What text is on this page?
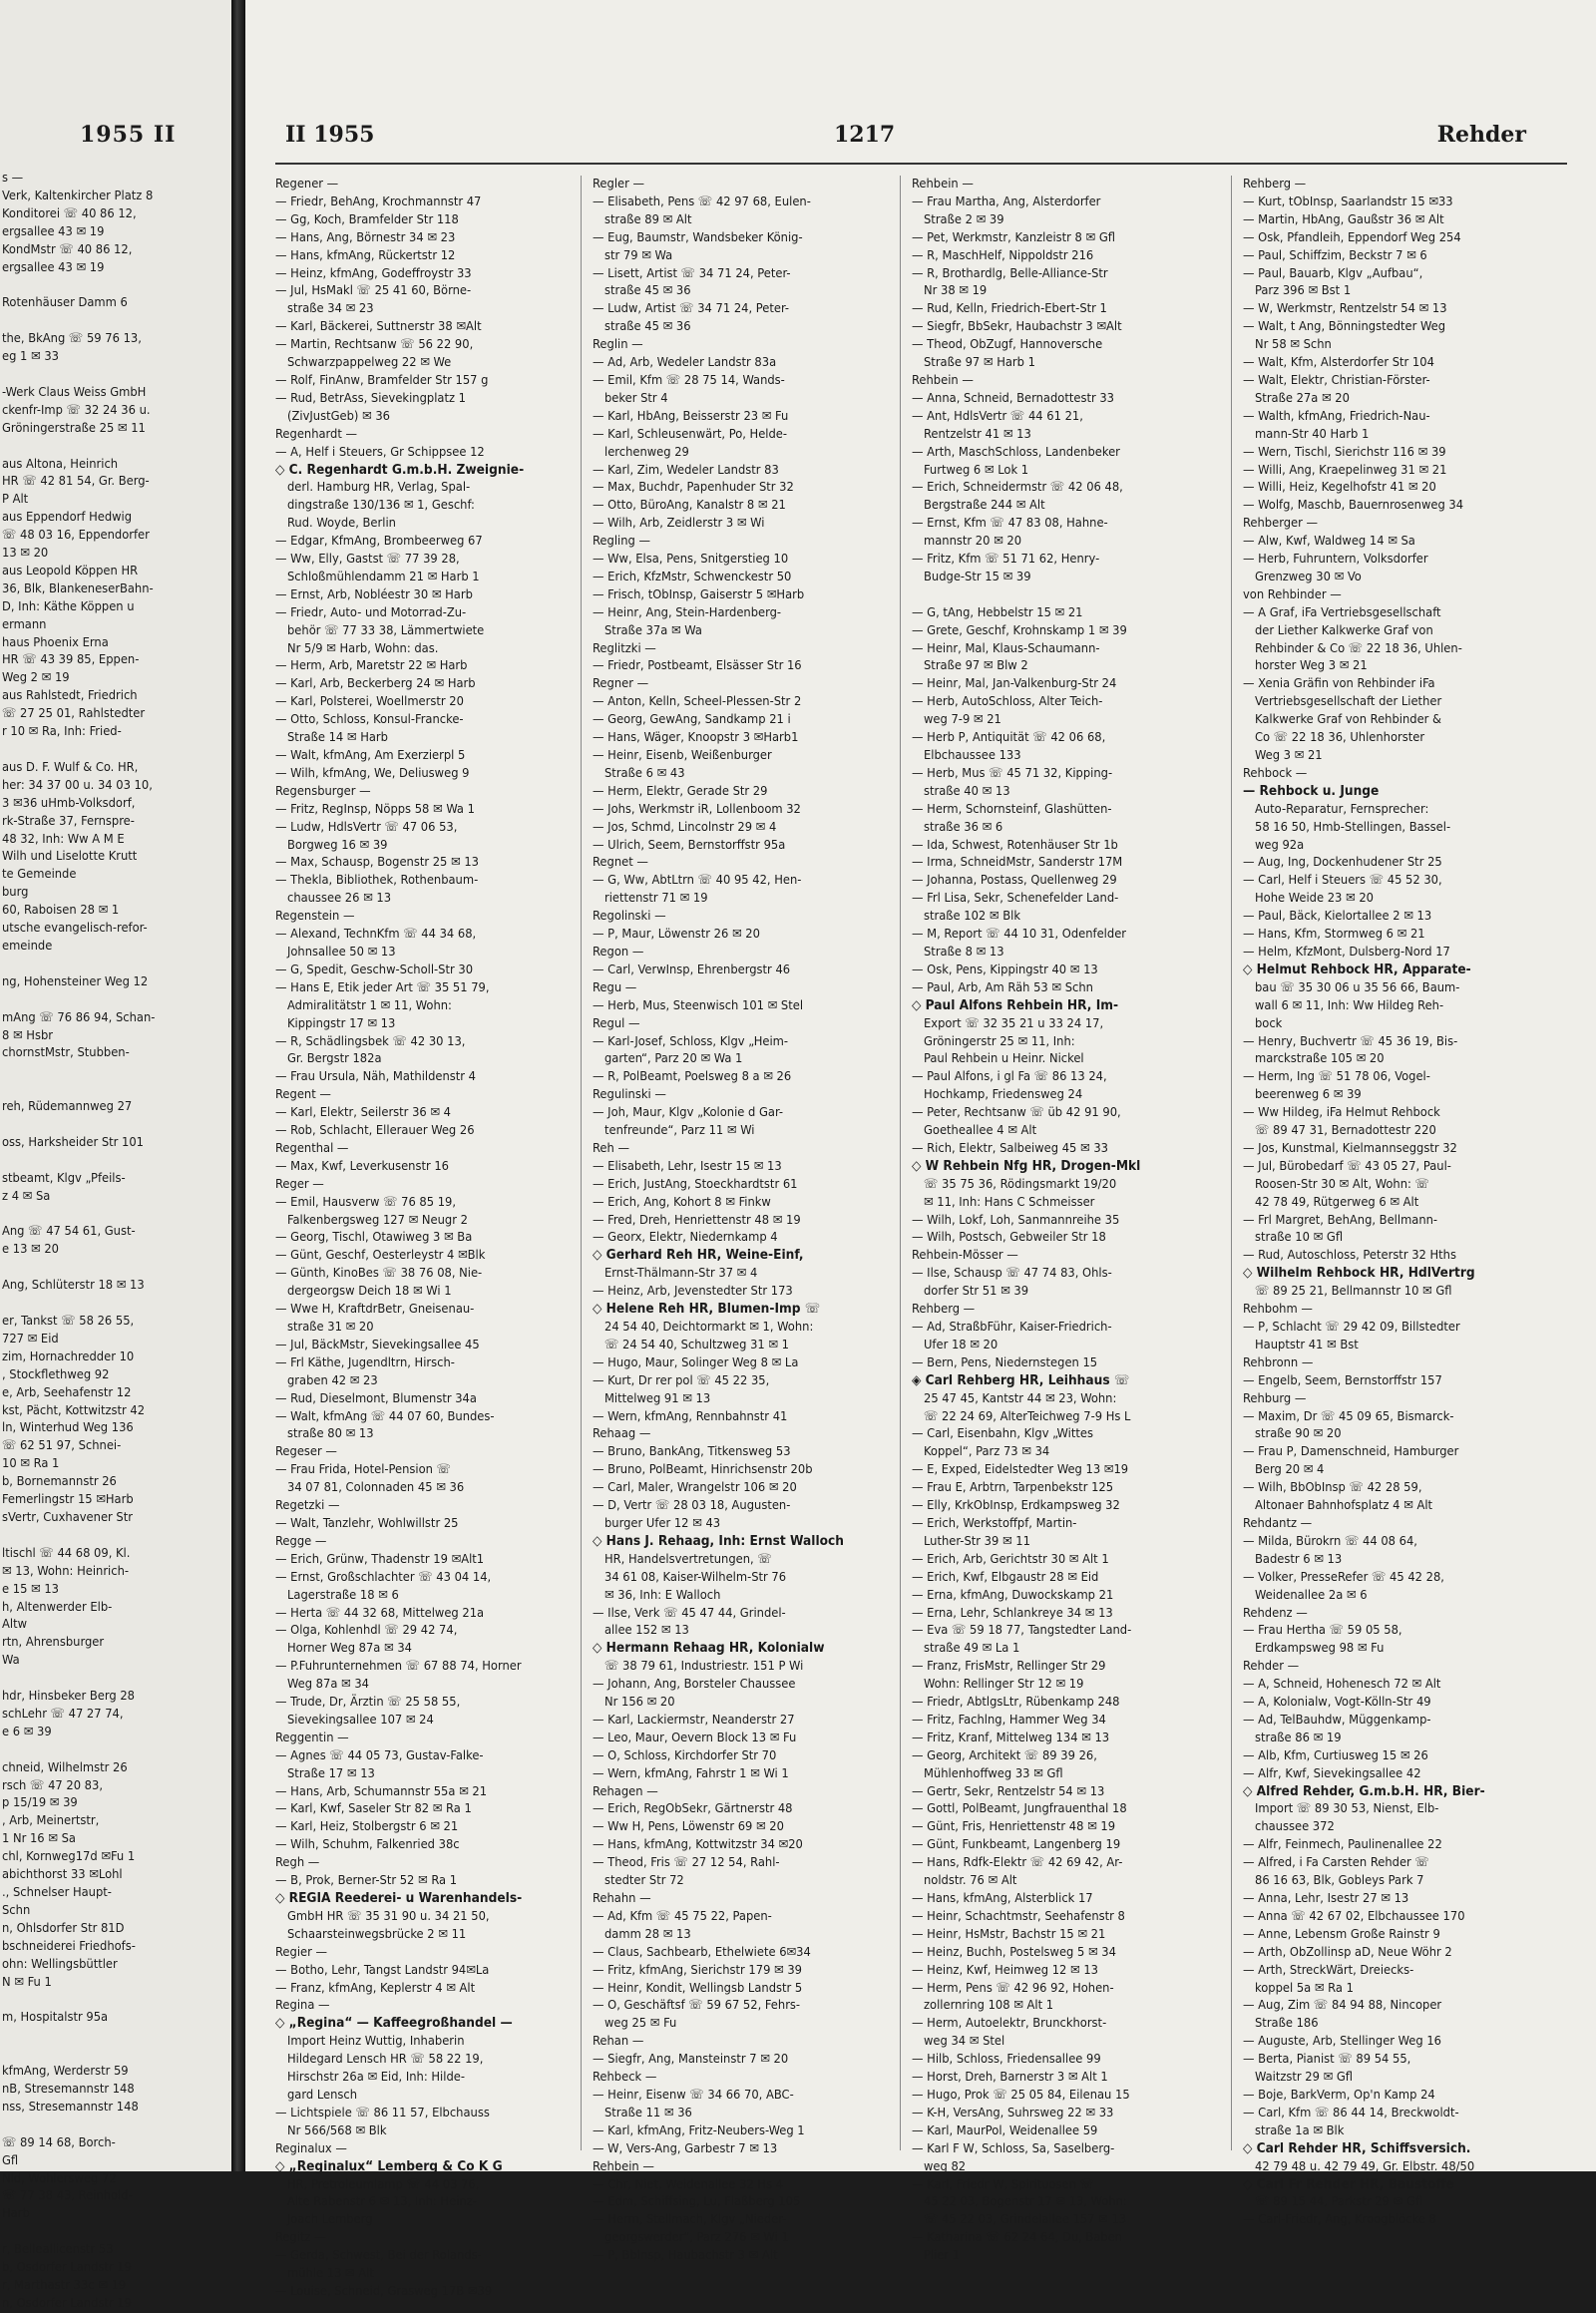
1955 II
s —
Verk, Kaltenkircher Platz 8
Konditorei ☏ 40 86 12,
ergsallee 43 ✉ 19
KondMstr ☏ 40 86 12,
ergsallee 43 ✉ 19

Rotenhäuser Damm 6

the, BkAng ☏ 59 76 13,
eg 1 ✉ 33

-Werk Claus Weiss GmbH
ckenfr-Imp ☏ 32 24 36 u.
Gröningerstraße 25 ✉ 11

aus Altona, Heinrich
HR ☏ 42 81 54, Gr. Berg-
P Alt
aus Eppendorf Hedwig
☏ 48 03 16, Eppendorfer
13 ✉ 20
aus Leopold Köppen HR
36, Blk, BlankeneserBahn-
D, Inh: Käthe Köppen u
ermann
haus Phoenix Erna
HR ☏ 43 39 85, Eppen-
Weg 2 ✉ 19
aus Rahlstedt, Friedrich
☏ 27 25 01, Rahlstedter
r 10 ✉ Ra, Inh: Fried-

aus D. F. Wulf & Co. HR,
her: 34 37 00 u. 34 03 10,
3 ✉36 uHmb-Volksdorf,
rk-Straße 37, Fernspre-
48 32, Inh: Ww A M E
Wilh und Liselotte Krutt
te Gemeinde
burg
60, Raboisen 28 ✉ 1
utsche evangelisch-refor-
emeinde

ng, Hohensteiner Weg 12

mAng ☏ 76 86 94, Schan-
8 ✉ Hsbr
chornstMstr, Stubben-

reh, Rüdemannweg 27

oss, Harksheider Str 101

stbeamt, Klgv „Pfeils-
z 4 ✉ Sa

Ang ☏ 47 54 61, Gust-
e 13 ✉ 20

Ang, Schlüterstr 18 ✉ 13

er, Tankst ☏ 58 26 55,
727 ✉ Eid
zim, Hornachredder 10
, Stockflethweg 92
e, Arb, Seehafenstr 12
kst, Pächt, Kottwitzstr 42
ln, Winterhud Weg 136
☏ 62 51 97, Schnei-
10 ✉ Ra 1
b, Bornemannstr 26
Femerlingstr 15 ✉Harb
sVertr, Cuxhavener Str

ltischl ☏ 44 68 09, Kl.
✉ 13, Wohn: Heinrich-
e 15 ✉ 13
h, Altenwerder Elb-
Altw
rtn, Ahrensburger
Wa

hdr, Hinsbeker Berg 28
schLehr ☏ 47 27 74,
e 6 ✉ 39

chneid, Wilhelmstr 26
rsch ☏ 47 20 83,
p 15/19 ✉ 39
, Arb, Meinertstr,
1 Nr 16 ✉ Sa
chl, Kornweg17d ✉Fu 1
abichthorst 33 ✉Lohl
., Schnelser Haupt-
Schn
n, Ohlsdorfer Str 81D
bschneiderei Friedhofs-
ohn: Wellingsbüttler
N ✉ Fu 1

m, Hospitalstr 95a

kfmAng, Werderstr 59
nB, Stresemannstr 148
nss, Stresemannstr 148

☏ 89 14 68, Borch-
Gfl
Nld, Wohlersweg 72
☏ 77 38 43, Reinhold-
Harb

r, Belleallicenstr 53
b, Osdorfer Landstr 19
r, Marthastr 33c ✉ 19
n, Osdorfer Landstr 19
II 1955	1217	Rehder
Regener —
— Friedr, BehAng, Krochmannstr 47
— Gg, Koch, Bramfelder Str 118
— Hans, Ang, Börnestr 34 ✉ 23
— Hans, kfmAng, Rückertstr 12
— Heinz, kfmAng, Godeffroystr 33
— Jul, HsMakl ☏ 25 41 60, Börne-
straße 34 ✉ 23
— Karl, Bäckerei, Suttnerstr 38 ✉Alt
— Martin, Rechtsanw ☏ 56 22 90,
Schwarzpappelweg 22 ✉ We
— Rolf, FinAnw, Bramfelder Str 157 g
— Rud, BetrAss, Sievekingplatz 1
(ZivJustGeb) ✉ 36
Regenhardt —
— A, Helf i Steuers, Gr Schippsee 12
◇ C. Regenhardt G.m.b.H. Zweignie-
derl. Hamburg HR, Verlag, Spal-
dingstraße 130/136 ✉ 1, Geschf:
Rud. Woyde, Berlin
— Edgar, KfmAng, Brombeerweg 67
— Ww, Elly, Gastst ☏ 77 39 28,
Schloßmühlendamm 21 ✉ Harb 1
— Ernst, Arb, Nobléestr 30 ✉ Harb
— Friedr, Auto- und Motorrad-Zu-
behör ☏ 77 33 38, Lämmertwiete
Nr 5/9 ✉ Harb, Wohn: das.
— Herm, Arb, Maretstr 22 ✉ Harb
— Karl, Arb, Beckerberg 24 ✉ Harb
— Karl, Polsterei, Woellmerstr 20
— Otto, Schloss, Konsul-Francke-
Straße 14 ✉ Harb
— Walt, kfmAng, Am Exerzierpl 5
— Wilh, kfmAng, We, Deliusweg 9
Regensburger —
— Fritz, RegInsp, Nöpps 58 ✉ Wa 1
— Ludw, HdlsVertr ☏ 47 06 53,
Borgweg 16 ✉ 39
— Max, Schausp, Bogenstr 25 ✉ 13
— Thekla, Bibliothek, Rothenbaum-
chaussee 26 ✉ 13
Regenstein —
— Alexand, TechnKfm ☏ 44 34 68,
Johnsallee 50 ✉ 13
— G, Spedit, Geschw-Scholl-Str 30
— Hans E, Etik jeder Art ☏ 35 51 79,
Admiralitätstr 1 ✉ 11, Wohn:
Kippingstr 17 ✉ 13
— R, Schädlingsbek ☏ 42 30 13,
Gr. Bergstr 182a
— Frau Ursula, Näh, Mathildenstr 4
Regent —
— Karl, Elektr, Seilerstr 36 ✉ 4
— Rob, Schlacht, Ellerauer Weg 26
Regenthal —
— Max, Kwf, Leverkusenstr 16
Reger —
— Emil, Hausverw ☏ 76 85 19,
Falkenbergsweg 127 ✉ Neugr 2
— Georg, Tischl, Otawiweg 3 ✉ Ba
— Günt, Geschf, Oesterleystr 4 ✉Blk
— Günth, KinoBes ☏ 38 76 08, Nie-
dergeorgsw Deich 18 ✉ Wi 1
— Wwe H, KraftdrBetr, Gneisenau-
straße 31 ✉ 20
— Jul, BäckMstr, Sievekingsallee 45
— Frl Käthe, Jugendltrn, Hirsch-
graben 42 ✉ 23
— Rud, Dieselmont, Blumenstr 34a
— Walt, kfmAng ☏ 44 07 60, Bundes-
straße 80 ✉ 13
Regeser —
— Frau Frida, Hotel-Pension ☏
34 07 81, Colonnaden 45 ✉ 36
Regetzki —
— Walt, Tanzlehr, Wohlwillstr 25
Regge —
— Erich, Grünw, Thadenstr 19 ✉Alt1
— Ernst, Großschlachter ☏ 43 04 14,
Lagerstraße 18 ✉ 6
— Herta ☏ 44 32 68, Mittelweg 21a
— Olga, Kohlenhdl ☏ 29 42 74,
Horner Weg 87a ✉ 34
— P.Fuhrunternehmen ☏ 67 88 74, Horner
Weg 87a ✉ 34
— Trude, Dr, Ärztin ☏ 25 58 55,
Sievekingsallee 107 ✉ 24
Reggentin —
— Agnes ☏ 44 05 73, Gustav-Falke-
Straße 17 ✉ 13
— Hans, Arb, Schumannstr 55a ✉ 21
— Karl, Kwf, Saseler Str 82 ✉ Ra 1
— Karl, Heiz, Stolbergstr 6 ✉ 21
— Wilh, Schuhm, Falkenried 38c
Regh —
— B, Prok, Berner-Str 52 ✉ Ra 1
◇ REGIA Reederei- u Warenhandels-
GmbH HR ☏ 35 31 90 u. 34 21 50,
Schaarsteinwegsbrücke 2 ✉ 11
Regier —
— Botho, Lehr, Tangst Landstr 94✉La
— Franz, kfmAng, Keplerstr 4 ✉ Alt
Regina —
◇ „Regina“ — Kaffeegroßhandel —
Import Heinz Wuttig, Inhaberin
Hildegard Lensch HR ☏ 58 22 19,
Hirschstr 26a ✉ Eid, Inh: Hilde-
gard Lensch
— Lichtspiele ☏ 86 11 57, Elbchauss
Nr 566/568 ✉ Blk
Reginalux —
◇ „Reginalux“ Lemberg & Co K G
HR, Pretroleumlamp ☏ 44 03 76,
Alte Rabenstr 6 ✉ 13, Inh: Heinz-
Joach Lemberg
Regitz —
— Gerda, Schwest, Bei der Rolands-
mühle 13 ✉ Alt
— Louise, Schneid, Grasweg 17B ✉39
Regler —
— Elisabeth, Pens ☏ 42 97 68, Eulen-
straße 89 ✉ Alt
— Eug, Baumstr, Wandsbeker König-
str 79 ✉ Wa
— Lisett, Artist ☏ 34 71 24, Peter-
straße 45 ✉ 36
— Ludw, Artist ☏ 34 71 24, Peter-
straße 45 ✉ 36
Reglin —
— Ad, Arb, Wedeler Landstr 83a
— Emil, Kfm ☏ 28 75 14, Wands-
beker Str 4
— Karl, HbAng, Beisserstr 23 ✉ Fu
— Karl, Schleusenwärt, Po, Helde-
lerchenweg 29
— Karl, Zim, Wedeler Landstr 83
— Max, Buchdr, Papenhuder Str 32
— Otto, BüroAng, Kanalstr 8 ✉ 21
— Wilh, Arb, Zeidlerstr 3 ✉ Wi
Regling —
— Ww, Elsa, Pens, Snitgerstieg 10
— Erich, KfzMstr, Schwenckestr 50
— Frisch, tObInsp, Gaiserstr 5 ✉Harb
— Heinr, Ang, Stein-Hardenberg-
Straße 37a ✉ Wa
Reglitzki —
— Friedr, Postbeamt, Elsässer Str 16
Regner —
— Anton, Kelln, Scheel-Plessen-Str 2
— Georg, GewAng, Sandkamp 21 i
— Hans, Wäger, Knoopstr 3 ✉Harb1
— Heinr, Eisenb, Weißenburger
Straße 6 ✉ 43
— Herm, Elektr, Gerade Str 29
— Johs, Werkmstr iR, Lollenboom 32
— Jos, Schmd, Lincolnstr 29 ✉ 4
— Ulrich, Seem, Bernstorffstr 95a
Regnet —
— G, Ww, AbtLtrn ☏ 40 95 42, Hen-
riettenstr 71 ✉ 19
Regolinski —
— P, Maur, Löwenstr 26 ✉ 20
Regon —
— Carl, VerwInsp, Ehrenbergstr 46
Regu —
— Herb, Mus, Steenwisch 101 ✉ Stel
Regul —
— Karl-Josef, Schloss, Klgv „Heim-
garten“, Parz 20 ✉ Wa 1
— R, PolBeamt, Poelsweg 8 a ✉ 26
Regulinski —
— Joh, Maur, Klgv „Kolonie d Gar-
tenfreunde“, Parz 11 ✉ Wi
Reh —
— Elisabeth, Lehr, Isestr 15 ✉ 13
— Erich, JustAng, Stoeckhardtstr 61
— Erich, Ang, Kohort 8 ✉ Finkw
— Fred, Dreh, Henriettenstr 48 ✉ 19
— Georx, Elektr, Niedernkamp 4
◇ Gerhard Reh HR, Weine-Einf,
Ernst-Thälmann-Str 37 ✉ 4
— Heinz, Arb, Jevenstedter Str 173
◇ Helene Reh HR, Blumen-Imp ☏
24 54 40, Deichtormarkt ✉ 1, Wohn:
☏ 24 54 40, Schultzweg 31 ✉ 1
— Hugo, Maur, Solinger Weg 8 ✉ La
— Kurt, Dr rer pol ☏ 45 22 35,
Mittelweg 91 ✉ 13
— Wern, kfmAng, Rennbahnstr 41
Rehaag —
— Bruno, BankAng, Titkensweg 53
— Bruno, PolBeamt, Hinrichsenstr 20b
— Carl, Maler, Wrangelstr 106 ✉ 20
— D, Vertr ☏ 28 03 18, Augusten-
burger Ufer 12 ✉ 43
◇ Hans J. Rehaag, Inh: Ernst Walloch
HR, Handelsvertretungen, ☏
34 61 08, Kaiser-Wilhelm-Str 76
✉ 36, Inh: E Walloch
— Ilse, Verk ☏ 45 47 44, Grindel-
allee 152 ✉ 13
◇ Hermann Rehaag HR, Kolonialw
☏ 38 79 61, Industriestr. 151 P Wi
— Johann, Ang, Borsteler Chaussee
Nr 156 ✉ 20
— Karl, Lackiermstr, Neanderstr 27
— Leo, Maur, Oevern Block 13 ✉ Fu
— O, Schloss, Kirchdorfer Str 70
— Wern, kfmAng, Fahrstr 1 ✉ Wi 1
Rehagen —
— Erich, RegObSekr, Gärtnerstr 48
— Ww H, Pens, Löwenstr 69 ✉ 20
— Hans, kfmAng, Kottwitzstr 34 ✉20
— Theod, Fris ☏ 27 12 54, Rahl-
stedter Str 72
Rehahn —
— Ad, Kfm ☏ 45 75 22, Papen-
damm 28 ✉ 13
— Claus, Sachbearb, Ethelwiete 6✉34
— Fritz, kfmAng, Sierichstr 179 ✉ 39
— Heinr, Kondit, Wellingsb Landstr 5
— O, Geschäftsf ☏ 59 67 52, Fehrs-
weg 25 ✉ Fu
Rehan —
— Siegfr, Ang, Mansteinstr 7 ✉ 20
Rehbeck —
— Heinr, Eisenw ☏ 34 66 70, ABC-
Straße 11 ✉ 36
— Karl, kfmAng, Fritz-Neubers-Weg 1
— W, Vers-Ang, Garbestr 7 ✉ 13
Rehbein —
— Chr, Niet, Weidenallee 32 Hs 4
— Edm, Schiffsing, Lu, Flaßberg 105
— Herm, Stellmach, Klgv „Nieder-
georgswerder“, Parz 276 ✉ Wi 1
— P, Bblnsp, Haubachstr 3 ✉ Alt
Rehbein —
— Frau Martha, Ang, Alsterdorfer
Straße 2 ✉ 39
— Pet, Werkmstr, Kanzleistr 8 ✉ Gfl
— R, MaschHelf, Nippoldstr 216
— R, Brothardlg, Belle-Alliance-Str
Nr 38 ✉ 19
— Rud, Kelln, Friedrich-Ebert-Str 1
— Siegfr, BbSekr, Haubachstr 3 ✉Alt
— Theod, ObZugf, Hannoversche
Straße 97 ✉ Harb 1
Rehbein —
— Anna, Schneid, Bernadottestr 33
— Ant, HdlsVertr ☏ 44 61 21,
Rentzelstr 41 ✉ 13
— Arth, MaschSchloss, Landenbeker
Furtweg 6 ✉ Lok 1
— Erich, Schneidermstr ☏ 42 06 48,
Bergstraße 244 ✉ Alt
— Ernst, Kfm ☏ 47 83 08, Hahne-
mannstr 20 ✉ 20
— Fritz, Kfm ☏ 51 71 62, Henry-
Budge-Str 15 ✉ 39

— G, tAng, Hebbelstr 15 ✉ 21
— Grete, Geschf, Krohnskamp 1 ✉ 39
— Heinr, Mal, Klaus-Schaumann-
Straße 97 ✉ Blw 2
— Heinr, Mal, Jan-Valkenburg-Str 24
— Herb, AutoSchloss, Alter Teich-
weg 7-9 ✉ 21
— Herb P, Antiquität ☏ 42 06 68,
Elbchaussee 133
— Herb, Mus ☏ 45 71 32, Kipping-
straße 40 ✉ 13
— Herm, Schornsteinf, Glashütten-
straße 36 ✉ 6
— Ida, Schwest, Rotenhäuser Str 1b
— Irma, SchneidMstr, Sanderstr 17M
— Johanna, Postass, Quellenweg 29
— Frl Lisa, Sekr, Schenefelder Land-
straße 102 ✉ Blk
— M, Report ☏ 44 10 31, Odenfelder
Straße 8 ✉ 13
— Osk, Pens, Kippingstr 40 ✉ 13
— Paul, Arb, Am Räh 53 ✉ Schn
◇ Paul Alfons Rehbein HR, Im-
Export ☏ 32 35 21 u 33 24 17,
Gröningerstr 25 ✉ 11, Inh:
Paul Rehbein u Heinr. Nickel
— Paul Alfons, i gl Fa ☏ 86 13 24,
Hochkamp, Friedensweg 24
— Peter, Rechtsanw ☏ üb 42 91 90,
Goetheallee 4 ✉ Alt
— Rich, Elektr, Salbeiweg 45 ✉ 33
◇ W Rehbein Nfg HR, Drogen-Mkl
☏ 35 75 36, Rödingsmarkt 19/20
✉ 11, Inh: Hans C Schmeisser
— Wilh, Lokf, Loh, Sanmannreihe 35
— Wilh, Postsch, Gebweiler Str 18
Rehbein-Mösser —
— Ilse, Schausp ☏ 47 74 83, Ohls-
dorfer Str 51 ✉ 39
Rehberg —
— Ad, StraßbFühr, Kaiser-Friedrich-
Ufer 18 ✉ 20
— Bern, Pens, Niedernstegen 15
◈ Carl Rehberg HR, Leihhaus ☏
25 47 45, Kantstr 44 ✉ 23, Wohn:
☏ 22 24 69, AlterTeichweg 7-9 Hs L
— Carl, Eisenbahn, Klgv „Wittes
Koppel“, Parz 73 ✉ 34
— E, Exped, Eidelstedter Weg 13 ✉19
— Frau E, Arbtrn, Tarpenbekstr 125
— Elly, KrkObInsp, Erdkampsweg 32
— Erich, Werkstoffpf, Martin-
Luther-Str 39 ✉ 11
— Erich, Arb, Gerichtstr 30 ✉ Alt 1
— Erich, Kwf, Elbgaustr 28 ✉ Eid
— Erna, kfmAng, Duwockskamp 21
— Erna, Lehr, Schlankreye 34 ✉ 13
— Eva ☏ 59 18 77, Tangstedter Land-
straße 49 ✉ La 1
— Franz, FrisMstr, Rellinger Str 29
Wohn: Rellinger Str 12 ✉ 19
— Friedr, AbtlgsLtr, Rübenkamp 248
— Fritz, Fachlng, Hammer Weg 34
— Fritz, Kranf, Mittelweg 134 ✉ 13
— Georg, Architekt ☏ 89 39 26,
Mühlenhoffweg 33 ✉ Gfl
— Gertr, Sekr, Rentzelstr 54 ✉ 13
— Gottl, PolBeamt, Jungfrauenthal 18
— Günt, Fris, Henriettenstr 48 ✉ 19
— Günt, Funkbeamt, Langenberg 19
— Hans, Rdfk-Elektr ☏ 42 69 42, Ar-
noldstr. 76 ✉ Alt
— Hans, kfmAng, Alsterblick 17
— Heinr, Schachtmstr, Seehafenstr 8
— Heinr, HsMstr, Bachstr 15 ✉ 21
— Heinz, Buchh, Postelsweg 5 ✉ 34
— Heinz, Kwf, Heimweg 12 ✉ 13
— Herm, Pens ☏ 42 96 92, Hohen-
zollernring 108 ✉ Alt 1
— Herm, Autoelektr, Brunckhorst-
weg 34 ✉ Stel
— Hilb, Schloss, Friedensallee 99
— Horst, Dreh, Barnerstr 3 ✉ Alt 1
— Hugo, Prok ☏ 25 05 84, Eilenau 15
— K-H, VersAng, Suhrsweg 22 ✉ 33
— Karl, MaurPol, Weidenallee 59
— Karl F W, Schloss, Sa, Saselberg-
weg 82
— Karl, Friedr W, Spirituosen ☏
45 22 03, Bogenstr 17 ✉ 13, Wohn:
☏ 45 22 03, Grindelallee 157 ✉ 13
— Katharina ☏ 62 24 64, Du, Baben
Plier 1
Rehberg —
— Kurt, tObInsp, Saarlandstr 15 ✉33
— Martin, HbAng, Gaußstr 36 ✉ Alt
— Osk, Pfandleih, Eppendorf Weg 254
— Paul, Schiffzim, Beckstr 7 ✉ 6
— Paul, Bauarb, Klgv „Aufbau“,
Parz 396 ✉ Bst 1
— W, Werkmstr, Rentzelstr 54 ✉ 13
— Walt, t Ang, Bönningstedter Weg
Nr 58 ✉ Schn
— Walt, Kfm, Alsterdorfer Str 104
— Walt, Elektr, Christian-Förster-
Straße 27a ✉ 20
— Walth, kfmAng, Friedrich-Nau-
mann-Str 40 Harb 1
— Wern, Tischl, Sierichstr 116 ✉ 39
— Willi, Ang, Kraepelinweg 31 ✉ 21
— Willi, Heiz, Kegelhofstr 41 ✉ 20
— Wolfg, Maschb, Bauernrosenweg 34
Rehberger —
— Alw, Kwf, Waldweg 14 ✉ Sa
— Herb, Fuhruntern, Volksdorfer
Grenzweg 30 ✉ Vo
von Rehbinder —
— A Graf, iFa Vertriebsgesellschaft
der Liether Kalkwerke Graf von
Rehbinder & Co ☏ 22 18 36, Uhlen-
horster Weg 3 ✉ 21
— Xenia Gräfin von Rehbinder iFa
Vertriebsgesellschaft der Liether
Kalkwerke Graf von Rehbinder &
Co ☏ 22 18 36, Uhlenhorster
Weg 3 ✉ 21
Rehbock —
— Rehbock u. Junge
Auto-Reparatur, Fernsprecher:
58 16 50, Hmb-Stellingen, Bassel-
weg 92a
— Aug, Ing, Dockenhudener Str 25
— Carl, Helf i Steuers ☏ 45 52 30,
Hohe Weide 23 ✉ 20
— Paul, Bäck, Kielortallee 2 ✉ 13
— Hans, Kfm, Stormweg 6 ✉ 21
— Helm, KfzMont, Dulsberg-Nord 17
◇ Helmut Rehbock HR, Apparate-
bau ☏ 35 30 06 u 35 56 66, Baum-
wall 6 ✉ 11, Inh: Ww Hildeg Reh-
bock
— Henry, Buchvertr ☏ 45 36 19, Bis-
marckstraße 105 ✉ 20
— Herm, Ing ☏ 51 78 06, Vogel-
beerenweg 6 ✉ 39
— Ww Hildeg, iFa Helmut Rehbock
☏ 89 47 31, Bernadottestr 220
— Jos, Kunstmal, Kielmannseggstr 32
— Jul, Bürobedarf ☏ 43 05 27, Paul-
Roosen-Str 30 ✉ Alt, Wohn: ☏
42 78 49, Rütgerweg 6 ✉ Alt
— Frl Margret, BehAng, Bellmann-
straße 10 ✉ Gfl
— Rud, Autoschloss, Peterstr 32 Hths
◇ Wilhelm Rehbock HR, HdlVertrg
☏ 89 25 21, Bellmannstr 10 ✉ Gfl
Rehbohm —
— P, Schlacht ☏ 29 42 09, Billstedter
Hauptstr 41 ✉ Bst
Rehbronn —
— Engelb, Seem, Bernstorffstr 157
Rehburg —
— Maxim, Dr ☏ 45 09 65, Bismarck-
straße 90 ✉ 20
— Frau P, Damenschneid, Hamburger
Berg 20 ✉ 4
— Wilh, BbObInsp ☏ 42 28 59,
Altonaer Bahnhofsplatz 4 ✉ Alt
Rehdantz —
— Milda, Bürokrn ☏ 44 08 64,
Badestr 6 ✉ 13
— Volker, PresseRefer ☏ 45 42 28,
Weidenallee 2a ✉ 6
Rehdenz —
— Frau Hertha ☏ 59 05 58,
Erdkampsweg 98 ✉ Fu
Rehder —
— A, Schneid, Hohenesch 72 ✉ Alt
— A, Kolonialw, Vogt-Kölln-Str 49
— Ad, TelBauhdw, Müggenkamp-
straße 86 ✉ 19
— Alb, Kfm, Curtiusweg 15 ✉ 26
— Alfr, Kwf, Sievekingsallee 42
◇ Alfred Rehder, G.m.b.H. HR, Bier-
Import ☏ 89 30 53, Nienst, Elb-
chaussee 372
— Alfr, Feinmech, Paulinenallee 22
— Alfred, i Fa Carsten Rehder ☏
86 16 63, Blk, Gobleys Park 7
— Anna, Lehr, Isestr 27 ✉ 13
— Anna ☏ 42 67 02, Elbchaussee 170
— Anne, Lebensm Große Rainstr 9
— Arth, ObZollinsp aD, Neue Wöhr 2
— Arth, StreckWärt, Dreiecks-
koppel 5a ✉ Ra 1
— Aug, Zim ☏ 84 94 88, Nincoper
Straße 186
— Auguste, Arb, Stellinger Weg 16
— Berta, Pianist ☏ 89 54 55,
Waitzstr 29 ✉ Gfl
— Boje, BarkVerm, Op'n Kamp 24
— Carl, Kfm ☏ 86 44 14, Breckwoldt-
straße 1a ✉ Blk
◇ Carl Rehder HR, Schiffsversich.
42 79 48 u. 42 79 49, Gr. Elbstr. 48/50
◇ Carl Fr Rehder HR, Baustoffe
☏ 89 15 44, Parkstr 29 ✉ Gfl
— Carl-Friedr, Ang, Kroogblöcke 8
